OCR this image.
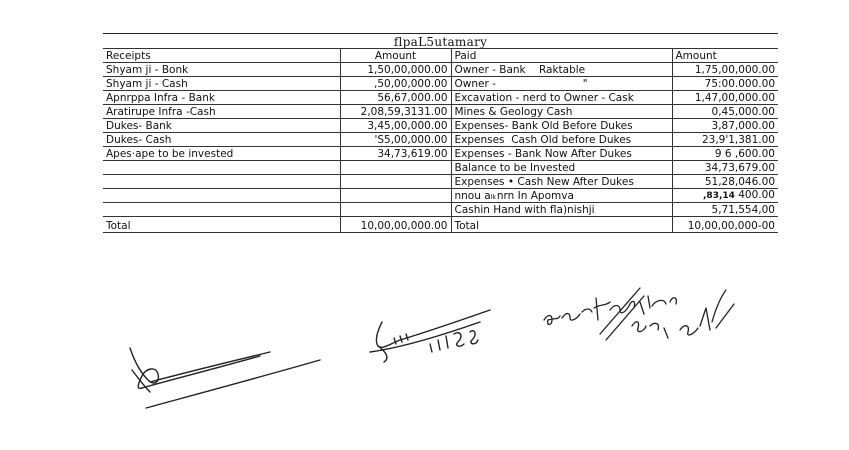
flpaL5utamary
Receipts	Amount	Paid	Amount
Shyam ji - Bonk	1,50,00,000.00	Owner - Bank    Raktable	1,75,00,000.00
Shyam ji - Cash	,50,00,000.00	Owner -                          "	75:00.000.00
Apnrppa Infra - Bank	56,67,000.00	Excavation - nerd to Owner - Cask	1,47,00,000.00
Aratirupe Infra -Cash	2,08,59,3131.00	Mines & Geology Cash	0,45,000.00
Dukes- Bank	3,45,00,000.00	Expenses- Bank Old Before Dukes	3,87,000.00
Dukes- Cash	'S5,00,000.00	Expenses  Cash Old before Dukes	23,9'1,381.00
Apes·ape to be invested	34,73,619.00	Expenses - Bank Now After Dukes	9 6 ,600.00
		Balance to be Invested	34,73,679.00
		Expenses • Cash New After Dukes	51,28,046.00
		nnou aₗₖnrn In Apomva	,83,14 400.00
		Cashin Hand with fla)nishji	5,71,554,00
Total	10,00,00,000.00	Total	10,00,00,000-00
